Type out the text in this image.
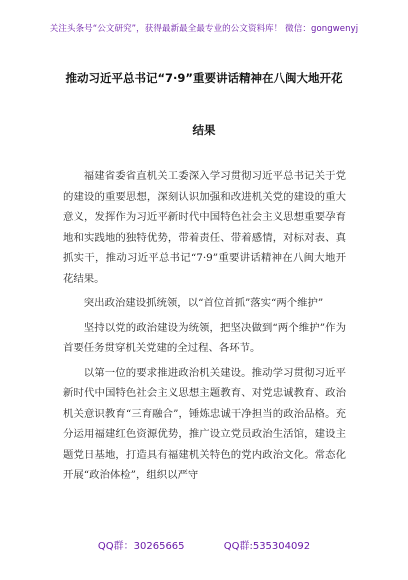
关注头条号“公文研究”，获得最新最全最专业的公文资料库！ 微信：gongwenyj
推动习近平总书记“7·9”重要讲话精神在八闽大地开花
结果

福建省委省直机关工委深入学习贯彻习近平总书记关于党的建设的重要思想，深刻认识加强和改进机关党的建设的重大意义，发挥作为习近平新时代中国特色社会主义思想重要孕育地和实践地的独特优势，带着责任、带着感情，对标对表、真抓实干，推动习近平总书记“7·9”重要讲话精神在八闽大地开花结果。

突出政治建设抓统领，以“首位首抓”落实“两个维护”

坚持以党的政治建设为统领，把坚决做到“两个维护”作为首要任务贯穿机关党建的全过程、各环节。

以第一位的要求推进政治机关建设。推动学习贯彻习近平新时代中国特色社会主义思想主题教育、对党忠诚教育、政治机关意识教育“三育融合”，锤炼忠诚干净担当的政治品格。充分运用福建红色资源优势，推广设立党员政治生活馆，建设主题党日基地，打造具有福建机关特色的党内政治文化。常态化开展“政治体检”，组织以严守

QQ群：30265665	QQ群:535304092
